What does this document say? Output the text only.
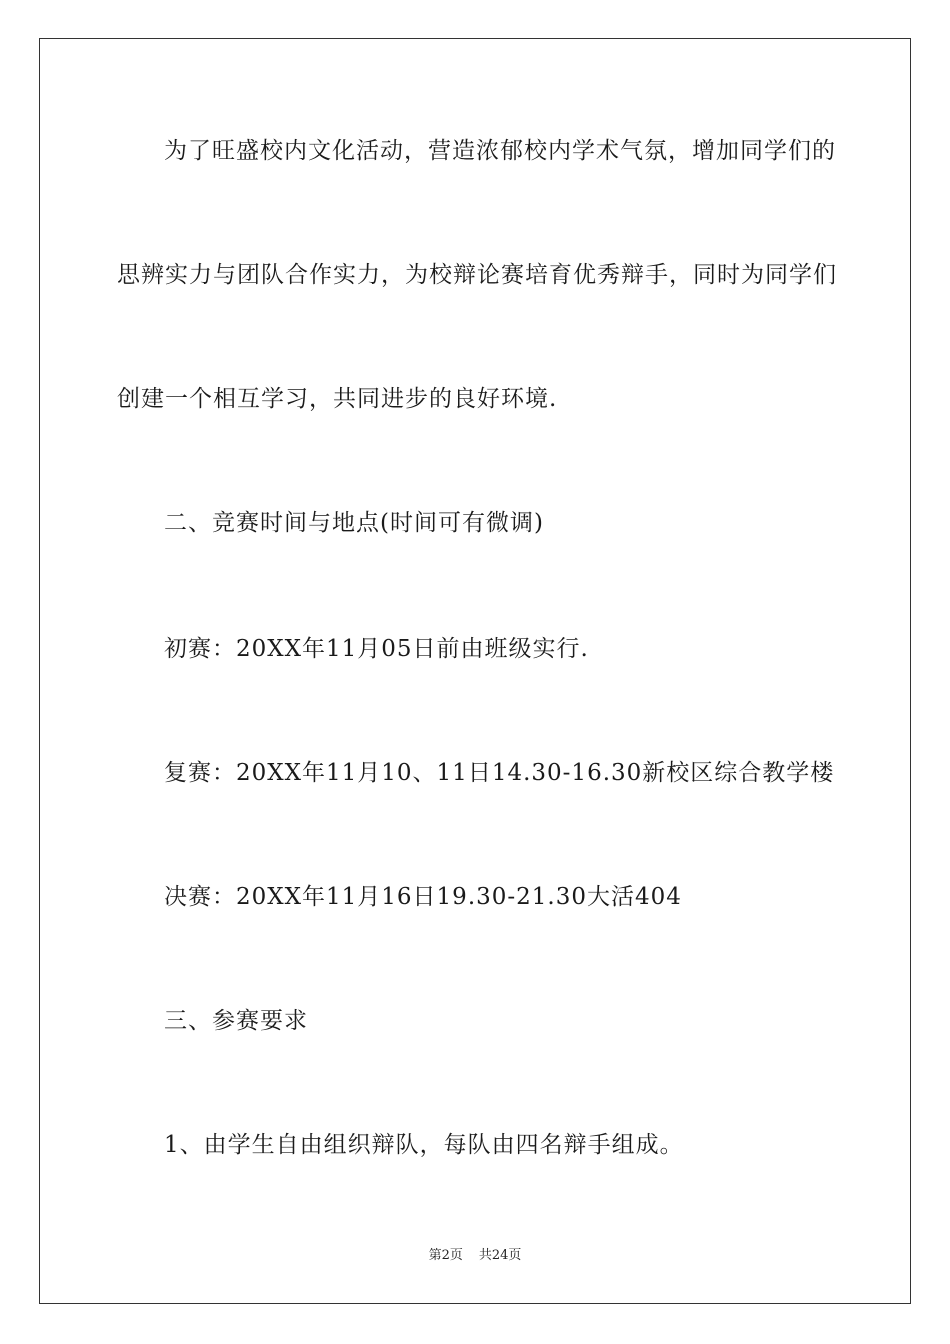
为了旺盛校内文化活动，营造浓郁校内学术气氛，增加同学们的
思辨实力与团队合作实力，为校辩论赛培育优秀辩手，同时为同学们
创建一个相互学习，共同进步的良好环境.
二、竞赛时间与地点(时间可有微调)
初赛：20XX年11月05日前由班级实行.
复赛：20XX年11月10、11日14.30-16.30新校区综合教学楼
决赛：20XX年11月16日19.30-21.30大活404
三、参赛要求
1、由学生自由组织辩队，每队由四名辩手组成。
第2页 共24页
